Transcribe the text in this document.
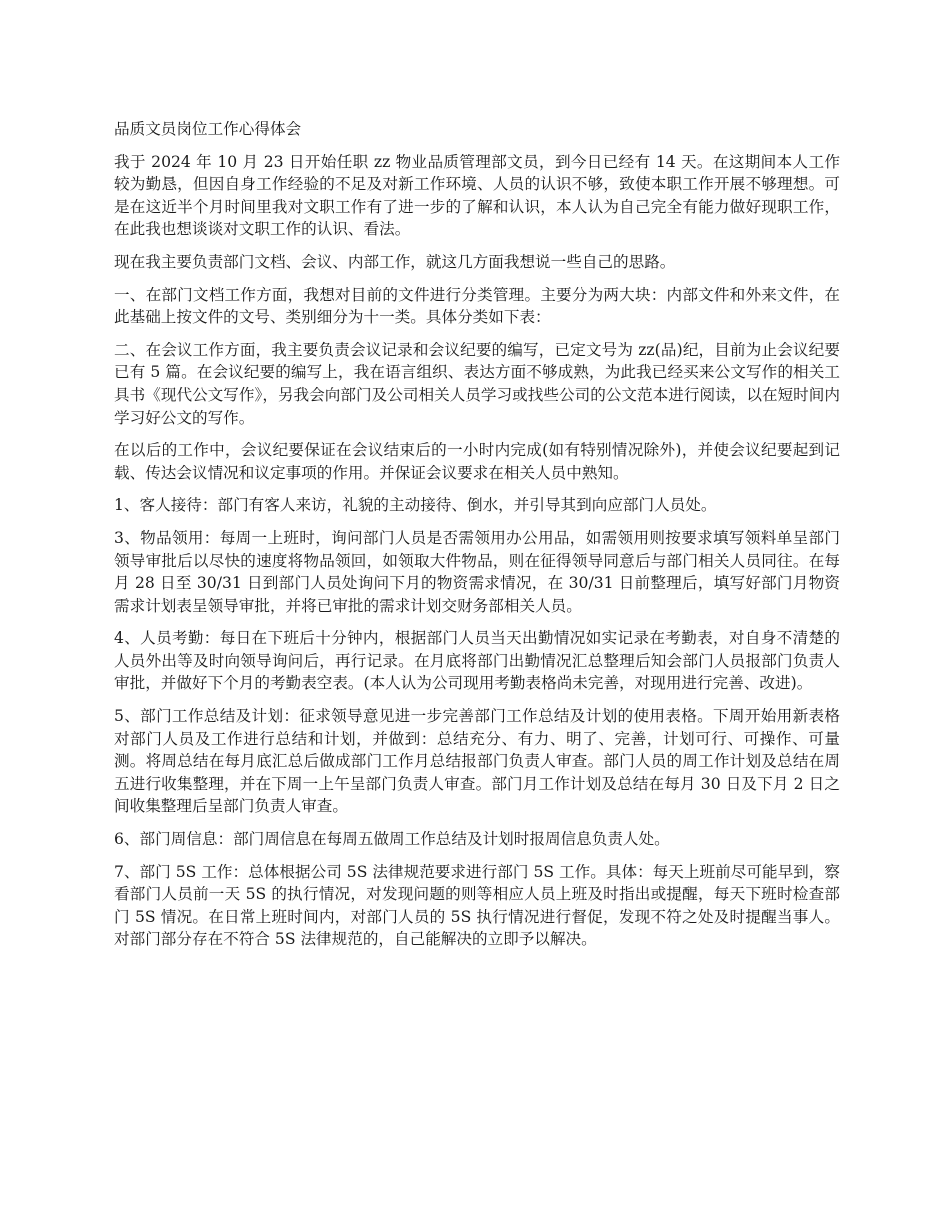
品质文员岗位工作心得体会

我于 2024 年 10 月 23 日开始任职 zz 物业品质管理部文员，到今日已经有 14 天。在这期间本人工作较为勤恳，但因自身工作经验的不足及对新工作环境、人员的认识不够，致使本职工作开展不够理想。可是在这近半个月时间里我对文职工作有了进一步的了解和认识，本人认为自己完全有能力做好现职工作，在此我也想谈谈对文职工作的认识、看法。

现在我主要负责部门文档、会议、内部工作，就这几方面我想说一些自己的思路。

一、在部门文档工作方面，我想对目前的文件进行分类管理。主要分为两大块：内部文件和外来文件，在此基础上按文件的文号、类别细分为十一类。具体分类如下表：

二、在会议工作方面，我主要负责会议记录和会议纪要的编写，已定文号为 zz(品)纪，目前为止会议纪要已有 5 篇。在会议纪要的编写上，我在语言组织、表达方面不够成熟，为此我已经买来公文写作的相关工具书《现代公文写作》，另我会向部门及公司相关人员学习或找些公司的公文范本进行阅读，以在短时间内学习好公文的写作。

在以后的工作中，会议纪要保证在会议结束后的一小时内完成(如有特别情况除外)，并使会议纪要起到记载、传达会议情况和议定事项的作用。并保证会议要求在相关人员中熟知。

1、客人接待：部门有客人来访，礼貌的主动接待、倒水，并引导其到向应部门人员处。

3、物品领用：每周一上班时，询问部门人员是否需领用办公用品，如需领用则按要求填写领料单呈部门领导审批后以尽快的速度将物品领回，如领取大件物品，则在征得领导同意后与部门相关人员同往。在每月 28 日至 30/31 日到部门人员处询问下月的物资需求情况，在 30/31 日前整理后，填写好部门月物资需求计划表呈领导审批，并将已审批的需求计划交财务部相关人员。

4、人员考勤：每日在下班后十分钟内，根据部门人员当天出勤情况如实记录在考勤表，对自身不清楚的人员外出等及时向领导询问后，再行记录。在月底将部门出勤情况汇总整理后知会部门人员报部门负责人审批，并做好下个月的考勤表空表。(本人认为公司现用考勤表格尚未完善，对现用进行完善、改进)。

5、部门工作总结及计划：征求领导意见进一步完善部门工作总结及计划的使用表格。下周开始用新表格对部门人员及工作进行总结和计划，并做到：总结充分、有力、明了、完善，计划可行、可操作、可量测。将周总结在每月底汇总后做成部门工作月总结报部门负责人审查。部门人员的周工作计划及总结在周五进行收集整理，并在下周一上午呈部门负责人审查。部门月工作计划及总结在每月 30 日及下月 2 日之间收集整理后呈部门负责人审查。

6、部门周信息：部门周信息在每周五做周工作总结及计划时报周信息负责人处。

7、部门 5S 工作：总体根据公司 5S 法律规范要求进行部门 5S 工作。具体：每天上班前尽可能早到，察看部门人员前一天 5S 的执行情况，对发现问题的则等相应人员上班及时指出或提醒，每天下班时检查部门 5S 情况。在日常上班时间内，对部门人员的 5S 执行情况进行督促，发现不符之处及时提醒当事人。对部门部分存在不符合 5S 法律规范的，自己能解决的立即予以解决。
